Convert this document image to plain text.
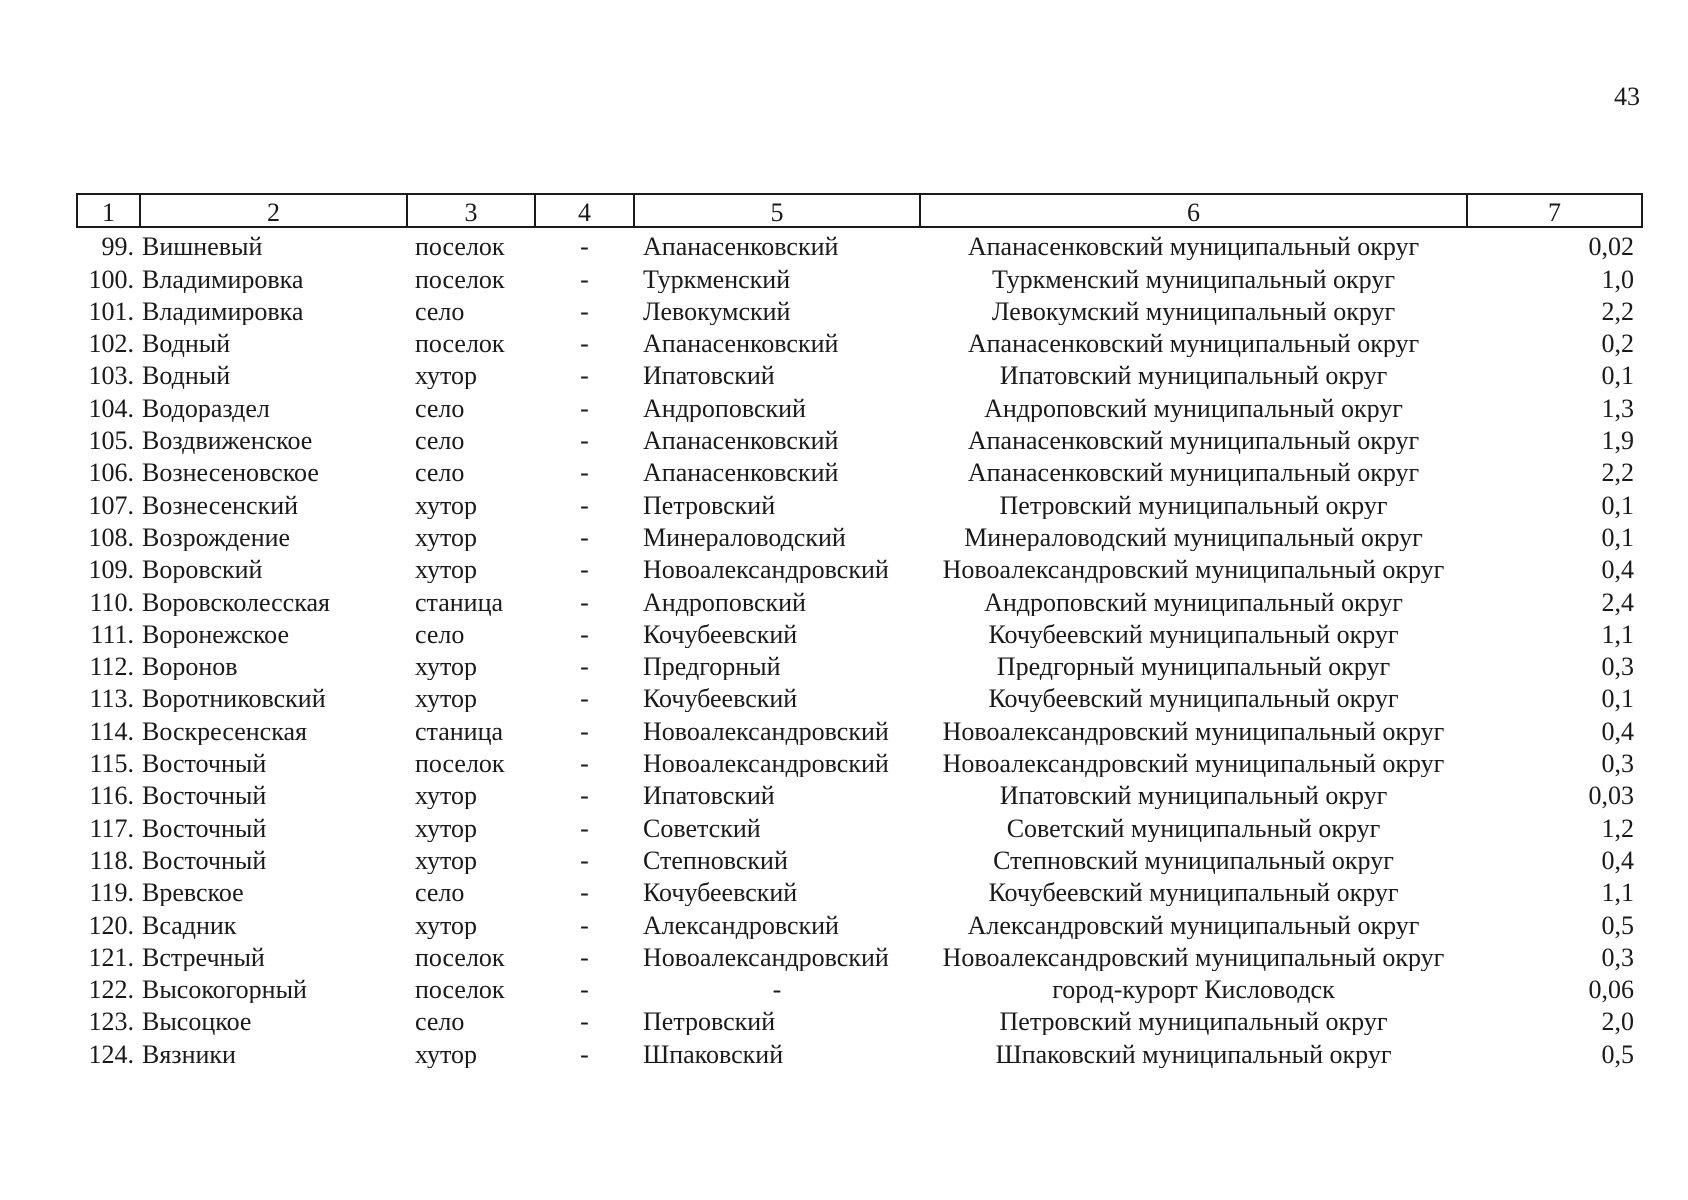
43
1	2	3	4	5	6	7
99.	Вишневый	поселок	-	Апанасенковский	Апанасенковский муниципальный округ	0,02
100.	Владимировка	поселок	-	Туркменский	Туркменский муниципальный округ	1,0
101.	Владимировка	село	-	Левокумский	Левокумский муниципальный округ	2,2
102.	Водный	поселок	-	Апанасенковский	Апанасенковский муниципальный округ	0,2
103.	Водный	хутор	-	Ипатовский	Ипатовский муниципальный округ	0,1
104.	Водораздел	село	-	Андроповский	Андроповский муниципальный округ	1,3
105.	Воздвиженское	село	-	Апанасенковский	Апанасенковский муниципальный округ	1,9
106.	Вознесеновское	село	-	Апанасенковский	Апанасенковский муниципальный округ	2,2
107.	Вознесенский	хутор	-	Петровский	Петровский муниципальный округ	0,1
108.	Возрождение	хутор	-	Минераловодский	Минераловодский муниципальный округ	0,1
109.	Воровский	хутор	-	Новоалександровский	Новоалександровский муниципальный округ	0,4
110.	Воровсколесская	станица	-	Андроповский	Андроповский муниципальный округ	2,4
111.	Воронежское	село	-	Кочубеевский	Кочубеевский муниципальный округ	1,1
112.	Воронов	хутор	-	Предгорный	Предгорный муниципальный округ	0,3
113.	Воротниковский	хутор	-	Кочубеевский	Кочубеевский муниципальный округ	0,1
114.	Воскресенская	станица	-	Новоалександровский	Новоалександровский муниципальный округ	0,4
115.	Восточный	поселок	-	Новоалександровский	Новоалександровский муниципальный округ	0,3
116.	Восточный	хутор	-	Ипатовский	Ипатовский муниципальный округ	0,03
117.	Восточный	хутор	-	Советский	Советский муниципальный округ	1,2
118.	Восточный	хутор	-	Степновский	Степновский муниципальный округ	0,4
119.	Вревское	село	-	Кочубеевский	Кочубеевский муниципальный округ	1,1
120.	Всадник	хутор	-	Александровский	Александровский муниципальный округ	0,5
121.	Встречный	поселок	-	Новоалександровский	Новоалександровский муниципальный округ	0,3
122.	Высокогорный	поселок	-	-	город-курорт Кисловодск	0,06
123.	Высоцкое	село	-	Петровский	Петровский муниципальный округ	2,0
124.	Вязники	хутор	-	Шпаковский	Шпаковский муниципальный округ	0,5
